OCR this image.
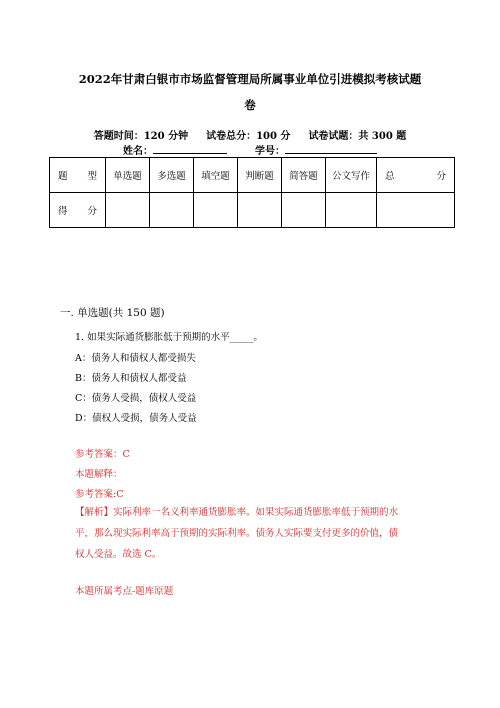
2022年甘肃白银市市场监督管理局所属事业单位引进模拟考核试题
卷
答题时间：120 分钟 试卷总分：100 分 试卷试题：共 300 题
姓名：	学号：
题 型	单选题	多选题	填空题	判断题	简答题	公文写作	总 分

得 分							

一. 单选题(共 150 题)
1. 如果实际通货膨胀低于预期的水平_____。
A：债务人和债权人都受损失
B：债务人和债权人都受益
C：债务人受损，债权人受益
D：债权人受损，债务人受益
参考答案：C
本题解释：
参考答案:C
【解析】实际利率一名义利率通货膨胀率。如果实际通货膨胀率低于预期的水
平，那么现实际利率高于预期的实际利率。债务人实际要支付更多的价值，债
权人受益。故选 C。
本题所属考点-题库原题
